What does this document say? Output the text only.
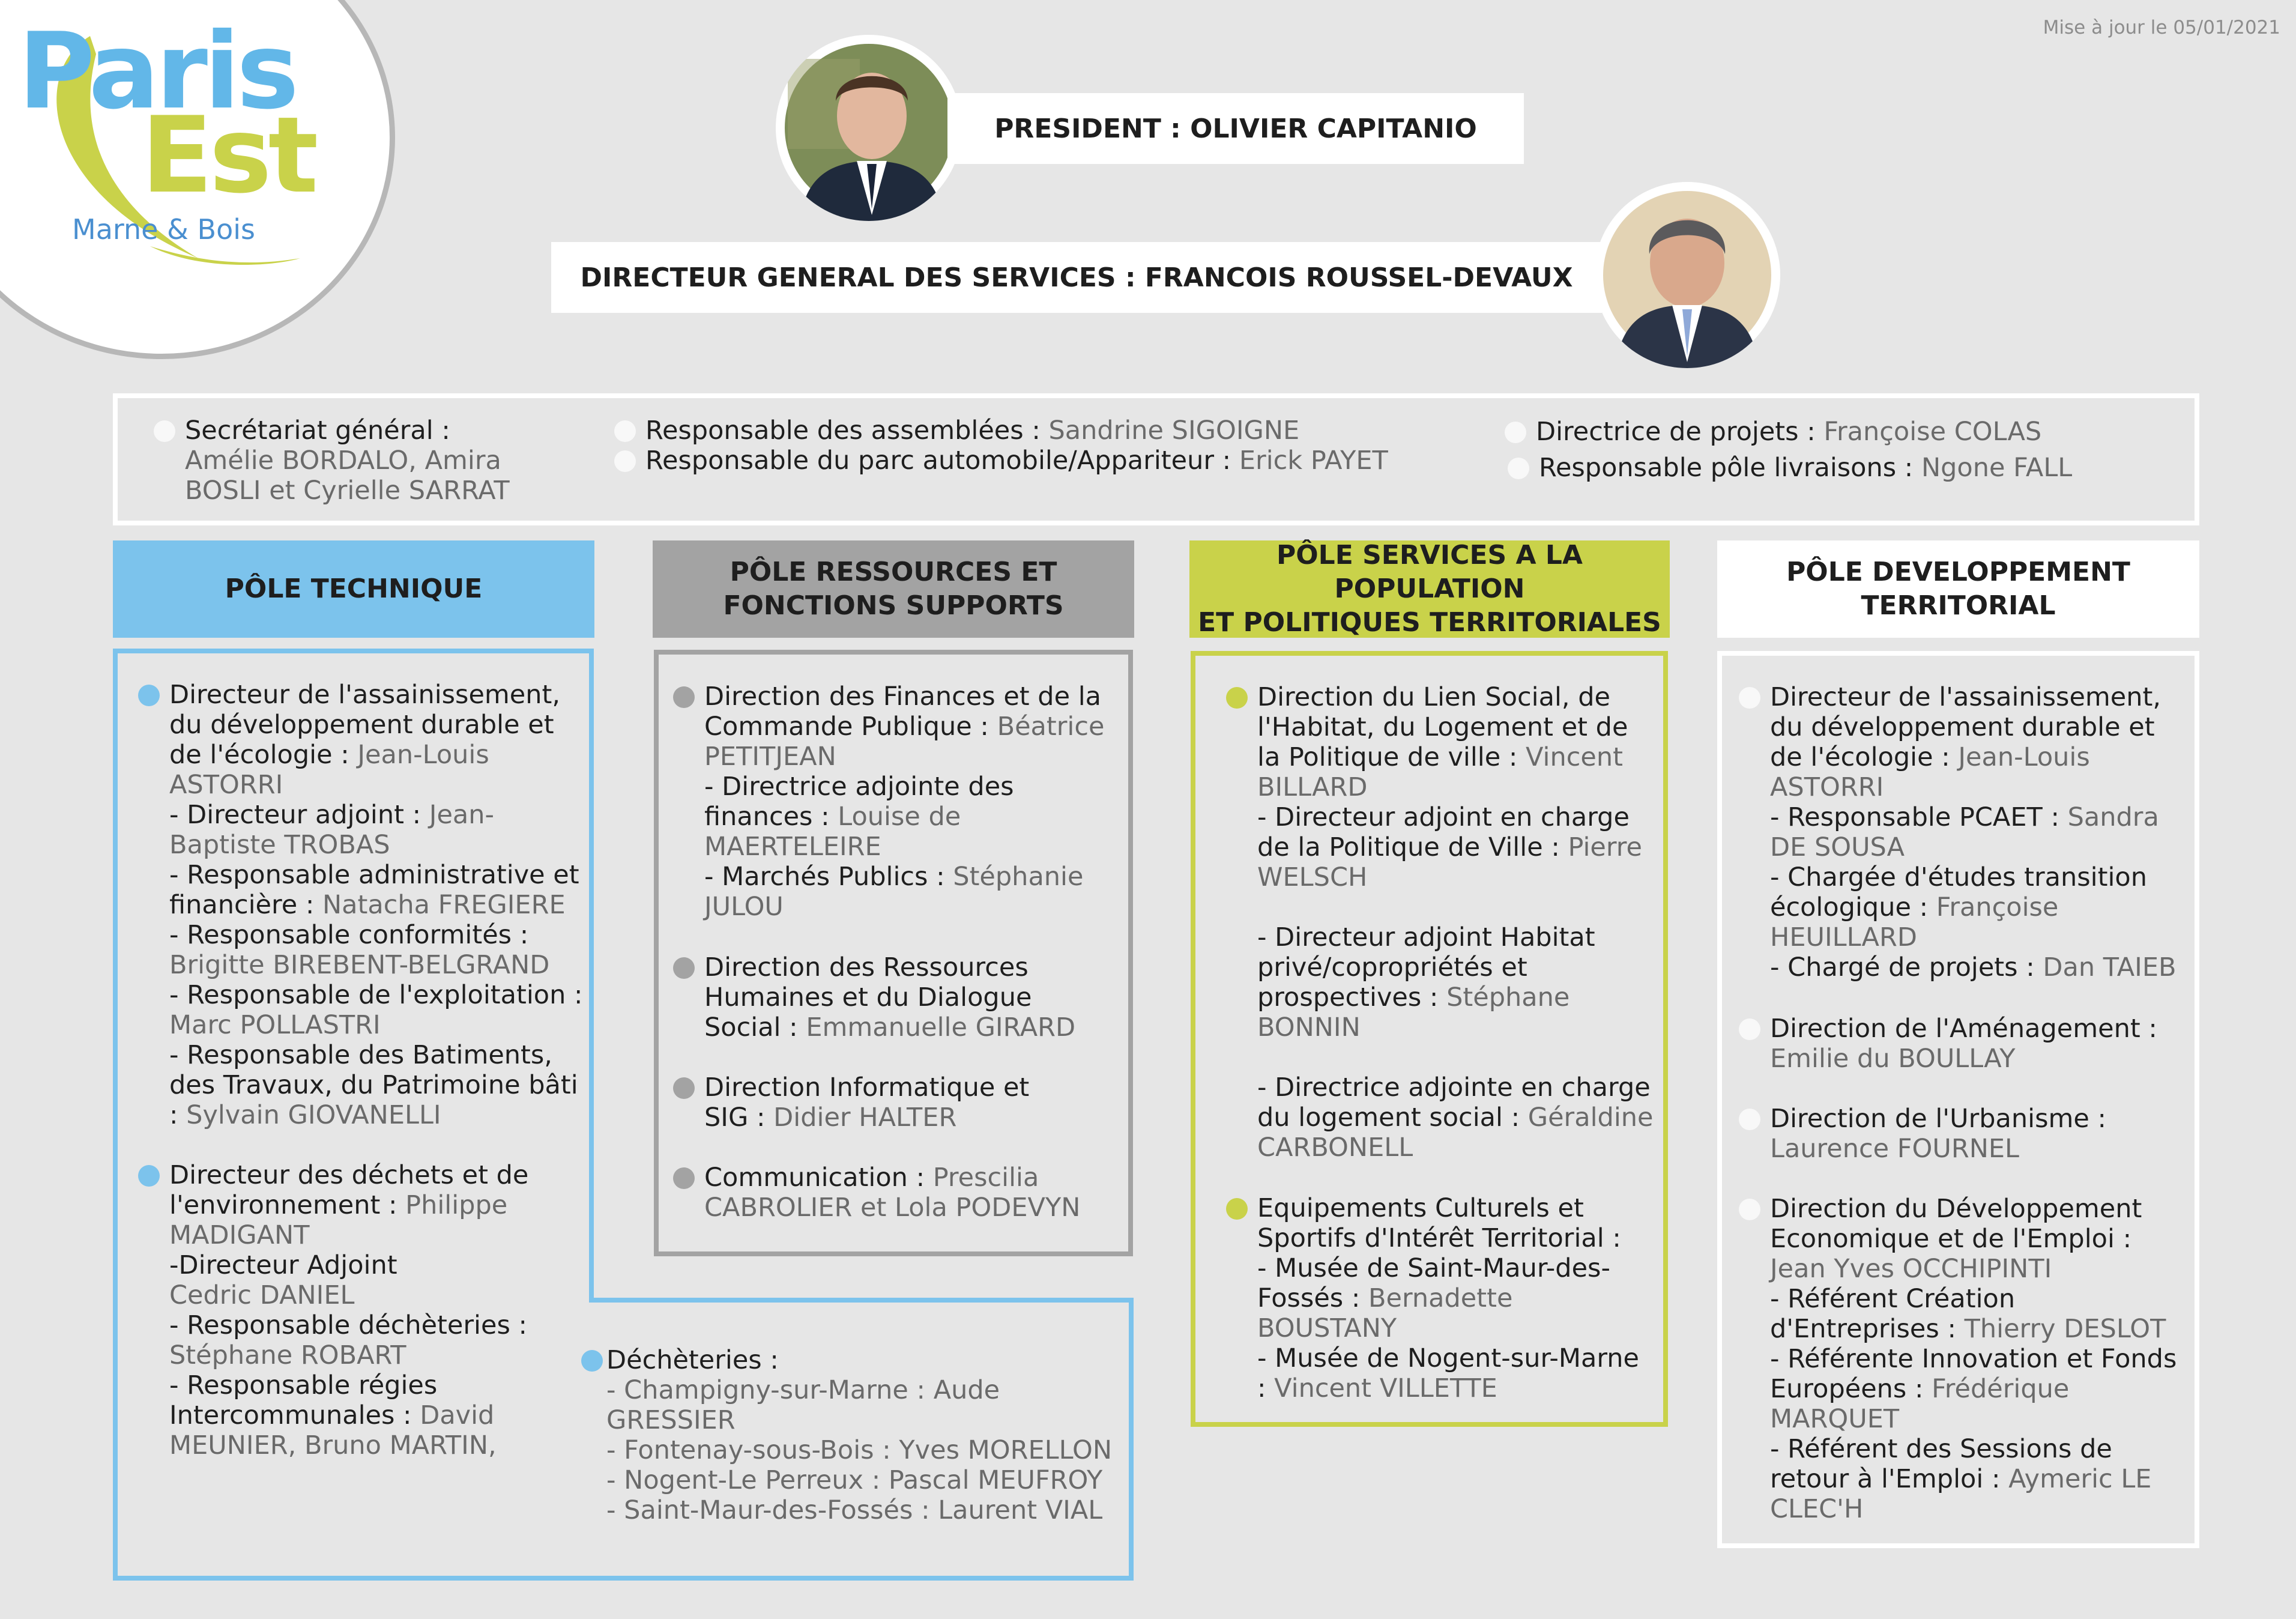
Paris
Est
Marne & Bois
Mise à jour le 05/01/2021
PRESIDENT : OLIVIER CAPITANIO
DIRECTEUR GENERAL DES SERVICES : FRANCOIS ROUSSEL-DEVAUX
Secrétariat général : Amélie BORDALO, Amira BOSLI et Cyrielle SARRAT
Responsable des assemblées : Sandrine SIGOIGNE
Responsable du parc automobile/Appariteur : Erick PAYET
Directrice de projets : Françoise COLAS
Responsable pôle livraisons : Ngone FALL
PÔLE TECHNIQUE
PÔLE RESSOURCES ET
FONCTIONS SUPPORTS
PÔLE SERVICES A LA POPULATION
ET POLITIQUES TERRITORIALES
PÔLE DEVELOPPEMENT
TERRITORIAL

Directeur de l'assainissement, du développement durable et de l'écologie : Jean-Louis ASTORRI

- Directeur adjoint : Jean-Baptiste TROBAS

- Responsable administrative et financière : Natacha FREGIERE

- Responsable conformités : Brigitte BIREBENT-BELGRAND

- Responsable de l'exploitation : Marc POLLASTRI

- Responsable des Batiments, des Travaux, du Patrimoine bâti : Sylvain GIOVANELLI

Directeur des déchets et de l'environnement : Philippe MADIGANT

-Directeur Adjoint
Cedric DANIEL

- Responsable déchèteries : Stéphane ROBART

- Responsable régies Intercommunales : David MEUNIER, Bruno MARTIN,

Déchèteries :

- Champigny-sur-Marne : Aude GRESSIER

- Fontenay-sous-Bois : Yves MORELLON

- Nogent-Le Perreux : Pascal MEUFROY

- Saint-Maur-des-Fossés : Laurent VIAL

Direction des Finances et de la Commande Publique : Béatrice PETITJEAN

- Directrice adjointe des finances : Louise de MAERTELEIRE

- Marchés Publics : Stéphanie JULOU

Direction des Ressources Humaines et du Dialogue Social : Emmanuelle GIRARD

Direction Informatique et SIG : Didier HALTER

Communication : Prescilia CABROLIER et Lola PODEVYN

Direction du Lien Social, de l'Habitat, du Logement et de la Politique de ville : Vincent BILLARD

- Directeur adjoint en charge de la Politique de Ville : Pierre WELSCH

- Directeur adjoint Habitat privé/copropriétés et prospectives : Stéphane BONNIN

- Directrice adjointe en charge du logement social : Géraldine CARBONELL

Equipements Culturels et Sportifs d'Intérêt Territorial :

- Musée de Saint-Maur-des-Fossés : Bernadette BOUSTANY

- Musée de Nogent-sur-Marne : Vincent VILLETTE

Directeur de l'assainissement, du développement durable et de l'écologie : Jean-Louis ASTORRI

- Responsable PCAET : Sandra DE SOUSA

- Chargée d'études transition écologique : Françoise HEUILLARD

- Chargé de projets : Dan TAIEB

Direction de l'Aménagement :
Emilie du BOULLAY

Direction de l'Urbanisme :
Laurence FOURNEL

Direction du Développement Economique et de l'Emploi : Jean Yves OCCHIPINTI

- Référent Création d'Entreprises : Thierry DESLOT

- Référente Innovation et Fonds Européens : Frédérique MARQUET

- Référent des Sessions de retour à l'Emploi : Aymeric LE CLEC'H
